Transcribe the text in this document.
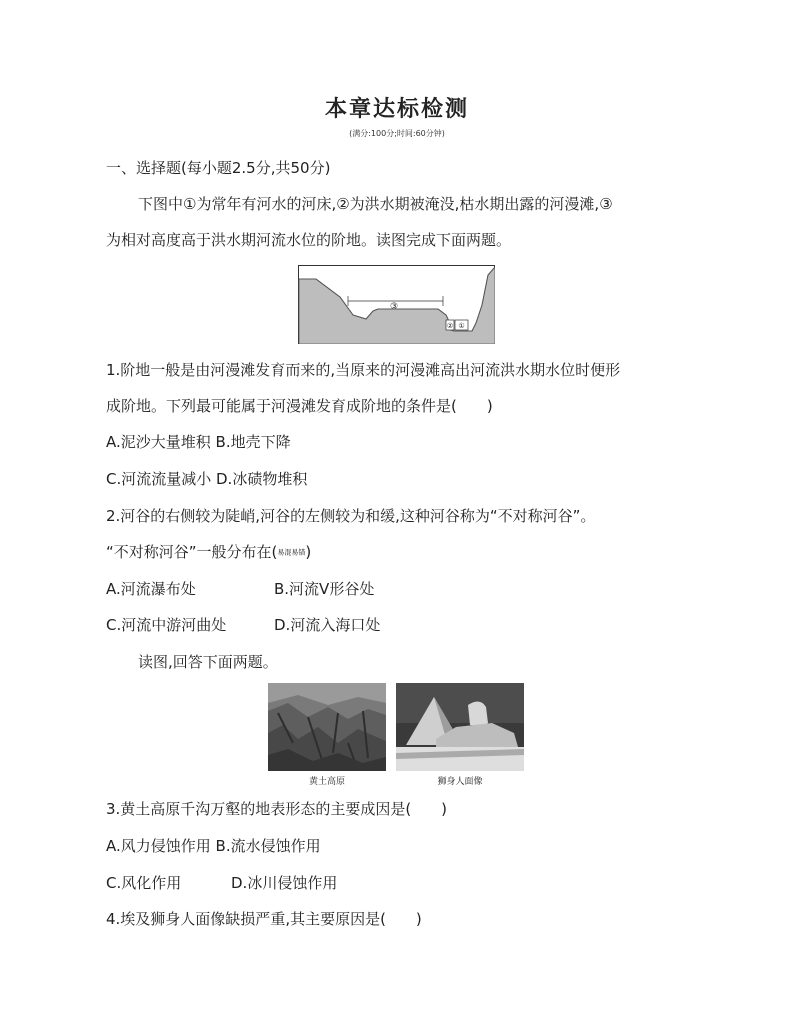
本章达标检测
(满分:100分;时间:60分钟)
一、选择题(每小题2.5分,共50分)
下图中①为常年有河水的河床,②为洪水期被淹没,枯水期出露的河漫滩,③
为相对高度高于洪水期河流水位的阶地。读图完成下面两题。
③
② ①
1.阶地一般是由河漫滩发育而来的,当原来的河漫滩高出河流洪水期水位时便形
成阶地。下列最可能属于河漫滩发育成阶地的条件是(　　)
A.泥沙大量堆积 B.地壳下降
C.河流流量减小 D.冰碛物堆积
2.河谷的右侧较为陡峭,河谷的左侧较为和缓,这种河谷称为“不对称河谷”。
“不对称河谷”一般分布在(易混易错)
A.河流瀑布处	B.河流Ⅴ形谷处
C.河流中游河曲处	D.河流入海口处
读图,回答下面两题。
黄土高原	狮身人面像
3.黄土高原千沟万壑的地表形态的主要成因是(　　)
A.风力侵蚀作用 B.流水侵蚀作用
C.风化作用	D.冰川侵蚀作用
4.埃及狮身人面像缺损严重,其主要原因是(　　)
